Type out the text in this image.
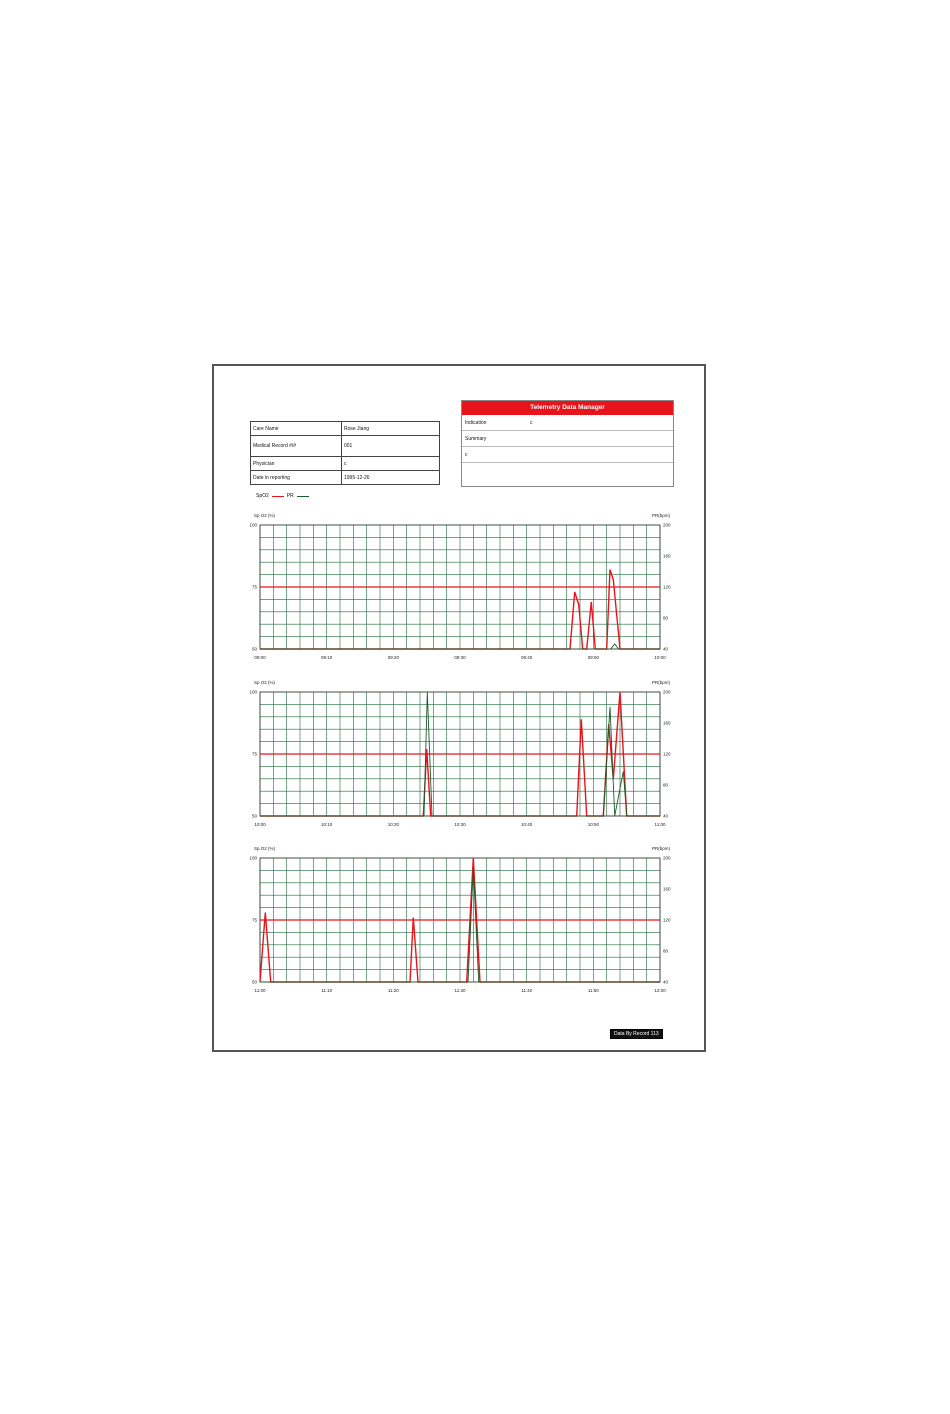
Care Name	Rose Jiang
Medical Record #/#	001
Physician	c
Date in reporting	1995-12-26
Telemetry Data Manager
Indication	c
Summary
c
SpO2	PR
Sp O2 (%)	PR(bpm)
100
75
50
200
160
120
80
40
09:00	09:10	09:20	09:30	09:40	09:50	10:00
Sp O2 (%)	PR(bpm)
100
75
50
200
160
120
80
40
10:00	10:10	10:20	10:30	10:40	10:50	11:00
Sp O2 (%)	PR(bpm)
100
75
50
200
160
120
80
40
11:00	11:10	11:20	11:30	11:40	11:50	12:00
Data By Record 113
